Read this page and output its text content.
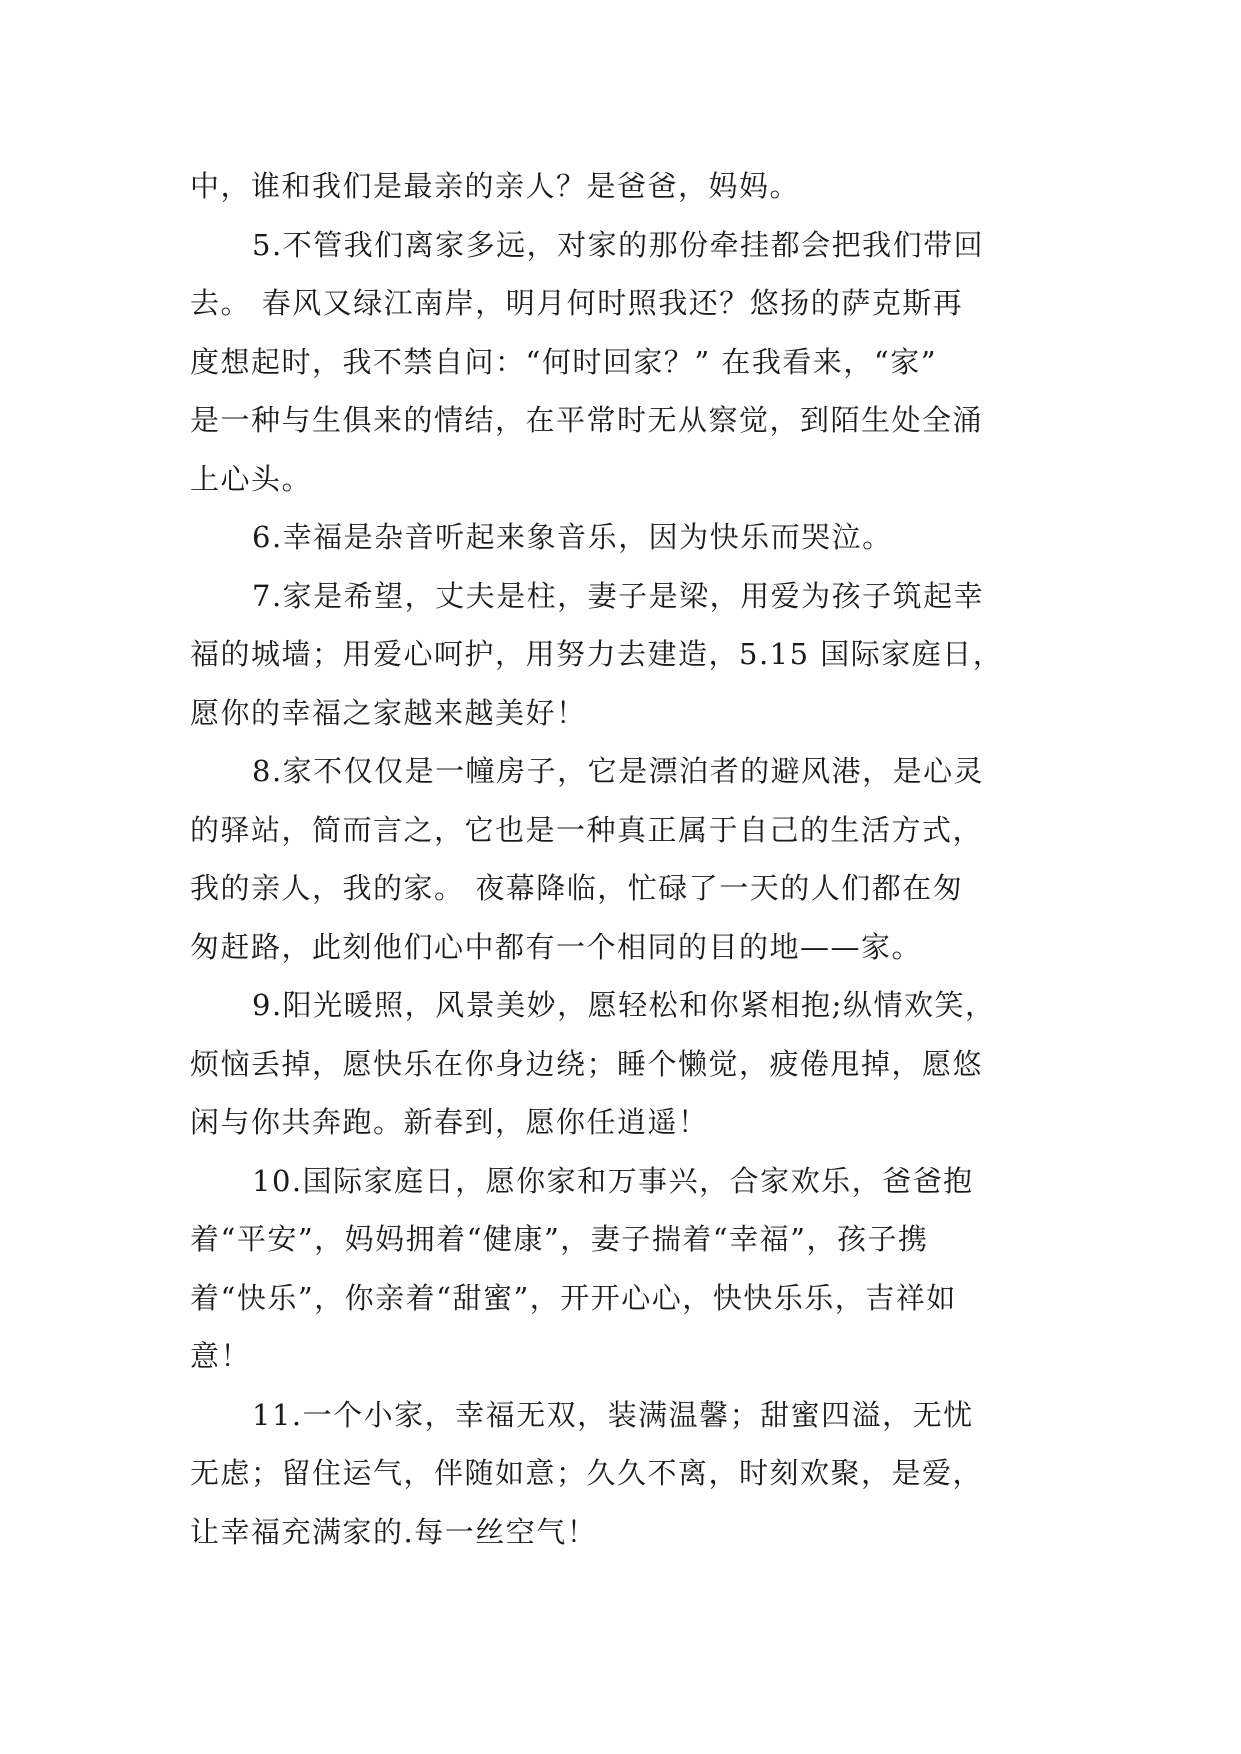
中，谁和我们是最亲的亲人？是爸爸，妈妈。
5.不管我们离家多远，对家的那份牵挂都会把我们带回
去。 春风又绿江南岸，明月何时照我还？悠扬的萨克斯再
度想起时，我不禁自问：“何时回家？” 在我看来，“家”
是一种与生俱来的情结，在平常时无从察觉，到陌生处全涌
上心头。
6.幸福是杂音听起来象音乐，因为快乐而哭泣。
7.家是希望，丈夫是柱，妻子是梁，用爱为孩子筑起幸
福的城墙；用爱心呵护，用努力去建造，5.15 国际家庭日，
愿你的幸福之家越来越美好！
8.家不仅仅是一幢房子，它是漂泊者的避风港，是心灵
的驿站，简而言之，它也是一种真正属于自己的生活方式，
我的亲人，我的家。 夜幕降临，忙碌了一天的人们都在匆
匆赶路，此刻他们心中都有一个相同的目的地——家。
9.阳光暖照，风景美妙，愿轻松和你紧相抱;纵情欢笑，
烦恼丢掉，愿快乐在你身边绕；睡个懒觉，疲倦甩掉，愿悠
闲与你共奔跑。新春到，愿你任逍遥！
10.国际家庭日，愿你家和万事兴，合家欢乐，爸爸抱
着“平安”，妈妈拥着“健康”，妻子揣着“幸福”，孩子携
着“快乐”，你亲着“甜蜜”，开开心心，快快乐乐，吉祥如
意！
11.一个小家，幸福无双，装满温馨；甜蜜四溢，无忧
无虑；留住运气，伴随如意；久久不离，时刻欢聚，是爱，
让幸福充满家的.每一丝空气！
